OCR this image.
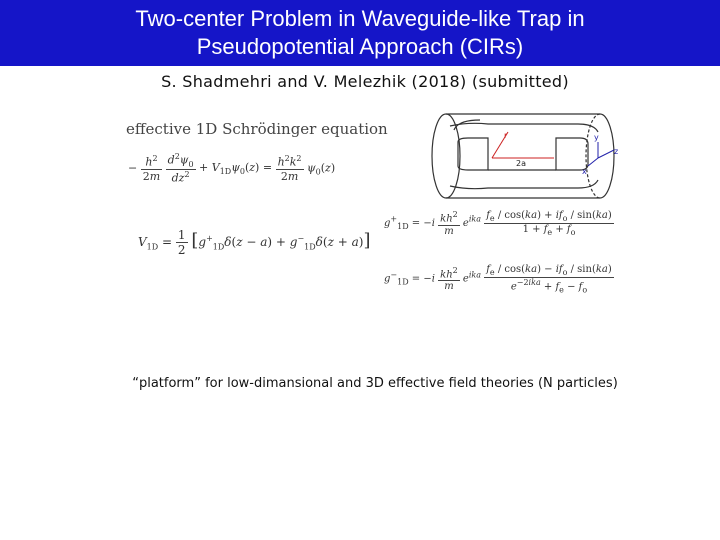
Two-center Problem in Waveguide-like Trap in
Pseudopotential Approach (CIRs)
S. Shadmehri and V. Melezhik (2018) (submitted)
effective 1D Schrödinger equation
− $\frac{h^2}{2m}$
$\frac{d^2\psi_0}{dz^2} + V_{1D}\psi_0(z) = \frac{h^2k^2}{2m} \psi_0(z)$
$V_{1D} = \frac{1}{2} [g^+_{1D}\delta(z - a) + g^-_{1D}\delta(z + a)]$
$g^+_{1D} = -i \frac{kh^2}{m} e^{ika} \frac{f_e / \cos(ka) + if_o / \sin(ka)}{1 + f_e + f_o}$
$g^-_{1D} = -i \frac{kh^2}{m} e^{ika} \frac{f_e / \cos(ka) - if_o / \sin(ka)}{e^{-2ika} + f_e - f_o}$
r
2a
z
y
x
“platform” for low-dimansional and 3D effective field theories (N particles)
